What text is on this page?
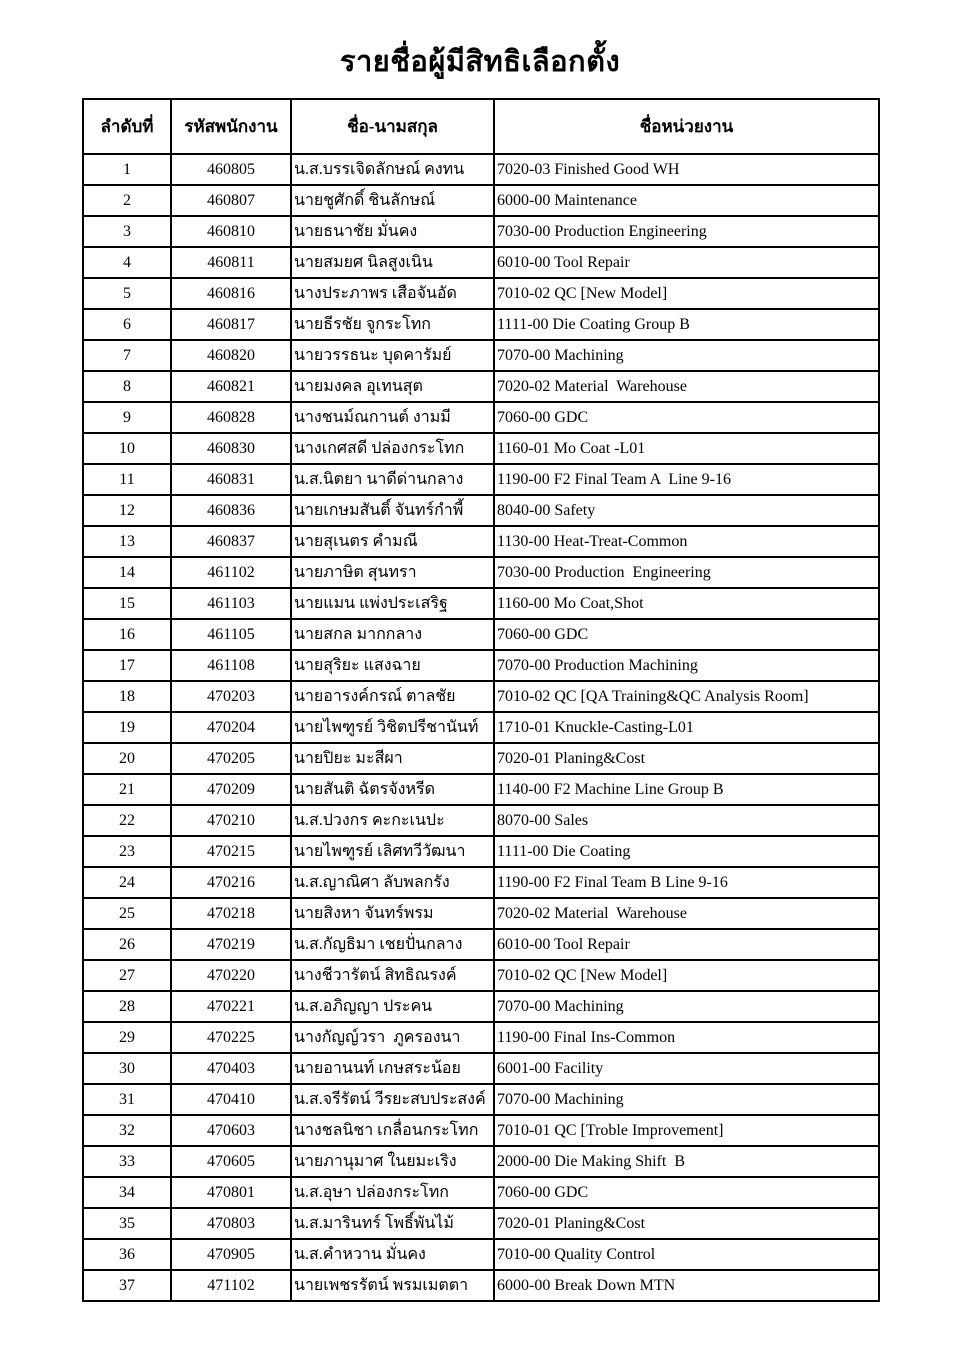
รายชื่อผู้มีสิทธิเลือกตั้ง
ลำดับที่	รหัสพนักงาน	ชื่อ-นามสกุล	ชื่อหน่วยงาน
1	460805	น.ส.บรรเจิดลักษณ์ คงทน	7020-03 Finished Good WH
2	460807	นายชูศักดิ์ ชินลักษณ์	6000-00 Maintenance
3	460810	นายธนาชัย มั่นคง	7030-00 Production Engineering
4	460811	นายสมยศ นิลสูงเนิน	6010-00 Tool Repair
5	460816	นางประภาพร เสือจันอัด	7010-02 QC [New Model]
6	460817	นายธีรชัย จูกระโทก	1111-00 Die Coating Group B
7	460820	นายวรรธนะ บุดคารัมย์	7070-00 Machining
8	460821	นายมงคล อุเทนสุต	7020-02 Material  Warehouse
9	460828	นางชนม์ณกานต์ งามมี	7060-00 GDC
10	460830	นางเกศสดี ปล่องกระโทก	1160-01 Mo Coat -L01
11	460831	น.ส.นิตยา นาดีด่านกลาง	1190-00 F2 Final Team A  Line 9-16
12	460836	นายเกษมสันติ์ จันทร์กำพี้	8040-00 Safety
13	460837	นายสุเนตร คำมณี	1130-00 Heat-Treat-Common
14	461102	นายภาษิต สุนทรา	7030-00 Production  Engineering
15	461103	นายแมน แพ่งประเสริฐ	1160-00 Mo Coat,Shot
16	461105	นายสกล มากกลาง	7060-00 GDC
17	461108	นายสุริยะ แสงฉาย	7070-00 Production Machining
18	470203	นายอารงค์กรณ์ ตาลชัย	7010-02 QC [QA Training&QC Analysis Room]
19	470204	นายไพฑูรย์ วิชิตปรีชานันท์	1710-01 Knuckle-Casting-L01
20	470205	นายปิยะ มะสีผา	7020-01 Planing&Cost
21	470209	นายสันติ ฉัตรจังหรีด	1140-00 F2 Machine Line Group B
22	470210	น.ส.ปวงกร คะกะเนปะ	8070-00 Sales
23	470215	นายไพฑูรย์ เลิศทวีวัฒนา	1111-00 Die Coating
24	470216	น.ส.ญาณิศา ลับพลกรัง	1190-00 F2 Final Team B Line 9-16
25	470218	นายสิงหา จันทร์พรม	7020-02 Material  Warehouse
26	470219	น.ส.กัญธิมา เชยปั่นกลาง	6010-00 Tool Repair
27	470220	นางชีวารัตน์ สิทธิณรงค์	7010-02 QC [New Model]
28	470221	น.ส.อภิญญา ประคน	7070-00 Machining
29	470225	นางกัญญ์วรา  ภูครองนา	1190-00 Final Ins-Common
30	470403	นายอานนท์ เกษสระน้อย	6001-00 Facility
31	470410	น.ส.จรีรัตน์ วีรยะสบประสงค์	7070-00 Machining
32	470603	นางชลนิชา เกลื่อนกระโทก	7010-01 QC [Troble Improvement]
33	470605	นายภานุมาศ ในยมะเริง	2000-00 Die Making Shift  B
34	470801	น.ส.อุษา ปล่องกระโทก	7060-00 GDC
35	470803	น.ส.มารินทร์ โพธิ์พันไม้	7020-01 Planing&Cost
36	470905	น.ส.คำหวาน มั่นคง	7010-00 Quality Control
37	471102	นายเพชรรัตน์ พรมเมตตา	6000-00 Break Down MTN
